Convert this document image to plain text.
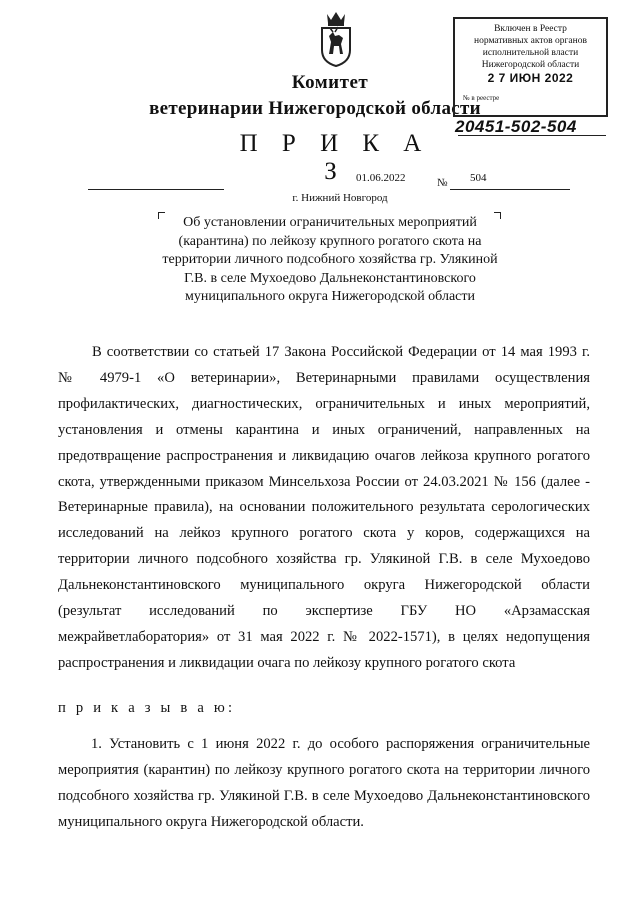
Комитет
ветеринарии Нижегородской области
Включен в Реестр
нормативных актов органов
исполнительной власти
Нижегородской области
2 7 ИЮН 2022
№ в реестре
20451-502-504
П Р И К А З 01.06.2022	№ 504
г. Нижний Новгород
Об установлении ограничительных мероприятий (карантина) по лейкозу крупного рогатого скота на территории личного подсобного хозяйства гр. Улякиной Г.В. в селе Мухоедово Дальнеконстантиновского муниципального округа Нижегородской области
В соответствии со статьей 17 Закона Российской Федерации от 14 мая 1993 г. № 4979-1 «О ветеринарии», Ветеринарными правилами осуществления профилактических, диагностических, ограничительных и иных мероприятий, установления и отмены карантина и иных ограничений, направленных на предотвращение распространения и ликвидацию очагов лейкоза крупного рогатого скота, утвержденными приказом Минсельхоза России от 24.03.2021 № 156 (далее - Ветеринарные правила), на основании положительного результата серологических исследований на лейкоз крупного рогатого скота у коров, содержащихся на территории личного подсобного хозяйства гр. Улякиной Г.В. в селе Мухоедово Дальнеконстантиновского муниципального округа Нижегородской области (результат исследований по экспертизе ГБУ НО «Арзамасская межрайветлаборатория» от 31 мая 2022 г. № 2022-1571), в целях недопущения распространения и ликвидации очага по лейкозу крупного рогатого скота
п р и к а з ы в а ю:
1. Установить с 1 июня 2022 г. до особого распоряжения ограничительные мероприятия (карантин) по лейкозу крупного рогатого скота на территории личного подсобного хозяйства гр. Улякиной Г.В. в селе Мухоедово Дальнеконстантиновского муниципального округа Нижегородской области.
